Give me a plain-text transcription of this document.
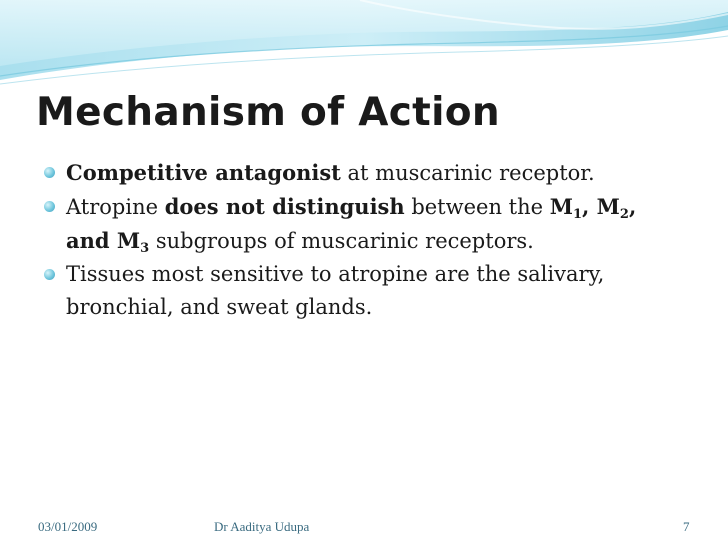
Mechanism of Action
Competitive antagonist at muscarinic receptor.
Atropine does not distinguish between the $M_1$, $M_2$,
and $M_3$ subgroups of muscarinic receptors.
Tissues most sensitive to atropine are the salivary, bronchial, and sweat glands.
03/01/2009	Dr Aaditya Udupa	7
